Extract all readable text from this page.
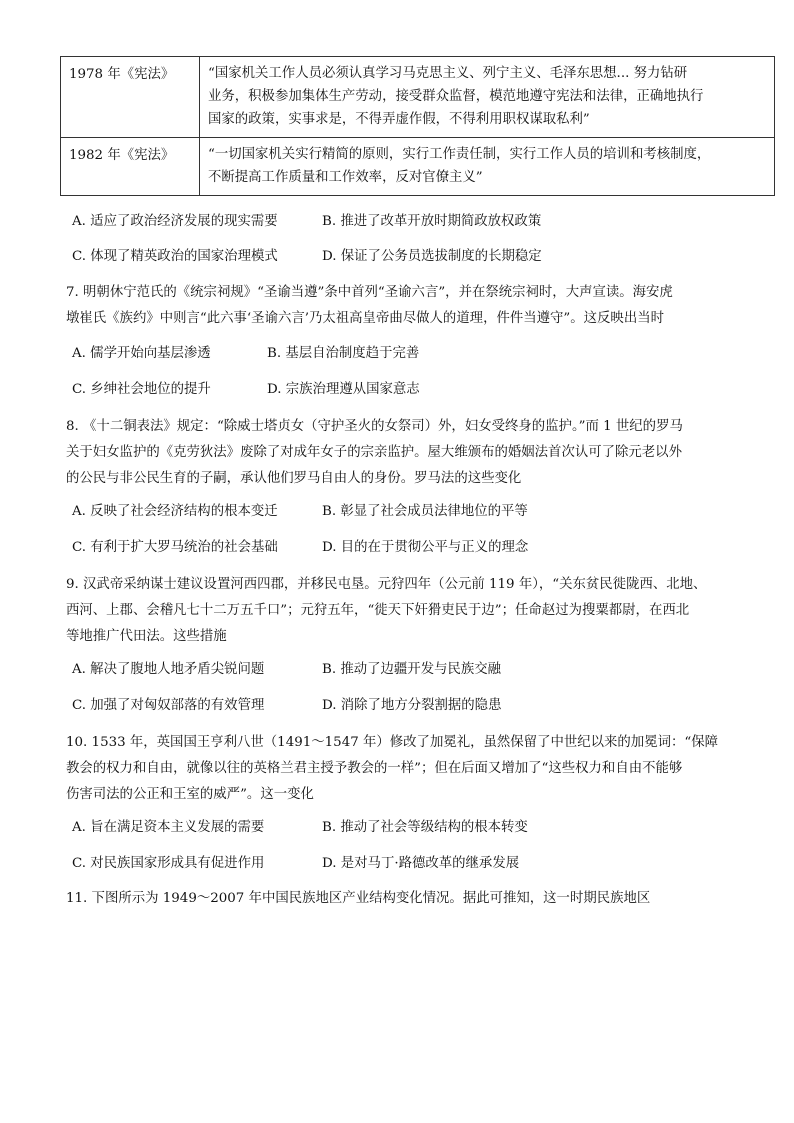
1978 年《宪法》	“国家机关工作人员必须认真学习马克思主义、列宁主义、毛泽东思想... 努力钻研
业务，积极参加集体生产劳动，接受群众监督，模范地遵守宪法和法律，正确地执行
国家的政策，实事求是，不得弄虚作假，不得利用职权谋取私利”

1982 年《宪法》	“一切国家机关实行精简的原则，实行工作责任制，实行工作人员的培训和考核制度，
不断提高工作质量和工作效率，反对官僚主义”
A. 适应了政治经济发展的现实需要	B. 推进了改革开放时期简政放权政策
C. 体现了精英政治的国家治理模式	D. 保证了公务员选拔制度的长期稳定
7. 明朝休宁范氏的《统宗祠规》“圣谕当遵”条中首列“圣谕六言”，并在祭统宗祠时，大声宣读。海安虎
墩崔氏《族约》中则言“此六事‘圣谕六言’乃太祖高皇帝曲尽做人的道理，件件当遵守”。这反映出当时
A. 儒学开始向基层渗透	B. 基层自治制度趋于完善
C. 乡绅社会地位的提升	D. 宗族治理遵从国家意志
8. 《十二铜表法》规定：“除威士塔贞女（守护圣火的女祭司）外，妇女受终身的监护。”而 1 世纪的罗马
关于妇女监护的《克劳狄法》废除了对成年女子的宗亲监护。屋大维颁布的婚姻法首次认可了除元老以外
的公民与非公民生育的子嗣，承认他们罗马自由人的身份。罗马法的这些变化
A. 反映了社会经济结构的根本变迁	B. 彰显了社会成员法律地位的平等
C. 有利于扩大罗马统治的社会基础	D. 目的在于贯彻公平与正义的理念
9. 汉武帝采纳谋士建议设置河西四郡，并移民屯垦。元狩四年（公元前 119 年），“关东贫民徙陇西、北地、
西河、上郡、会稽凡七十二万五千口”；元狩五年，“徙天下奸猾吏民于边”；任命赵过为搜粟都尉，在西北
等地推广代田法。这些措施
A. 解决了腹地人地矛盾尖锐问题	B. 推动了边疆开发与民族交融
C. 加强了对匈奴部落的有效管理	D. 消除了地方分裂割据的隐患
10. 1533 年，英国国王亨利八世（1491～1547 年）修改了加冕礼，虽然保留了中世纪以来的加冕词：“保障
教会的权力和自由，就像以往的英格兰君主授予教会的一样”；但在后面又增加了“这些权力和自由不能够
伤害司法的公正和王室的威严”。这一变化
A. 旨在满足资本主义发展的需要	B. 推动了社会等级结构的根本转变
C. 对民族国家形成具有促进作用	D. 是对马丁·路德改革的继承发展
11. 下图所示为 1949～2007 年中国民族地区产业结构变化情况。据此可推知，这一时期民族地区
